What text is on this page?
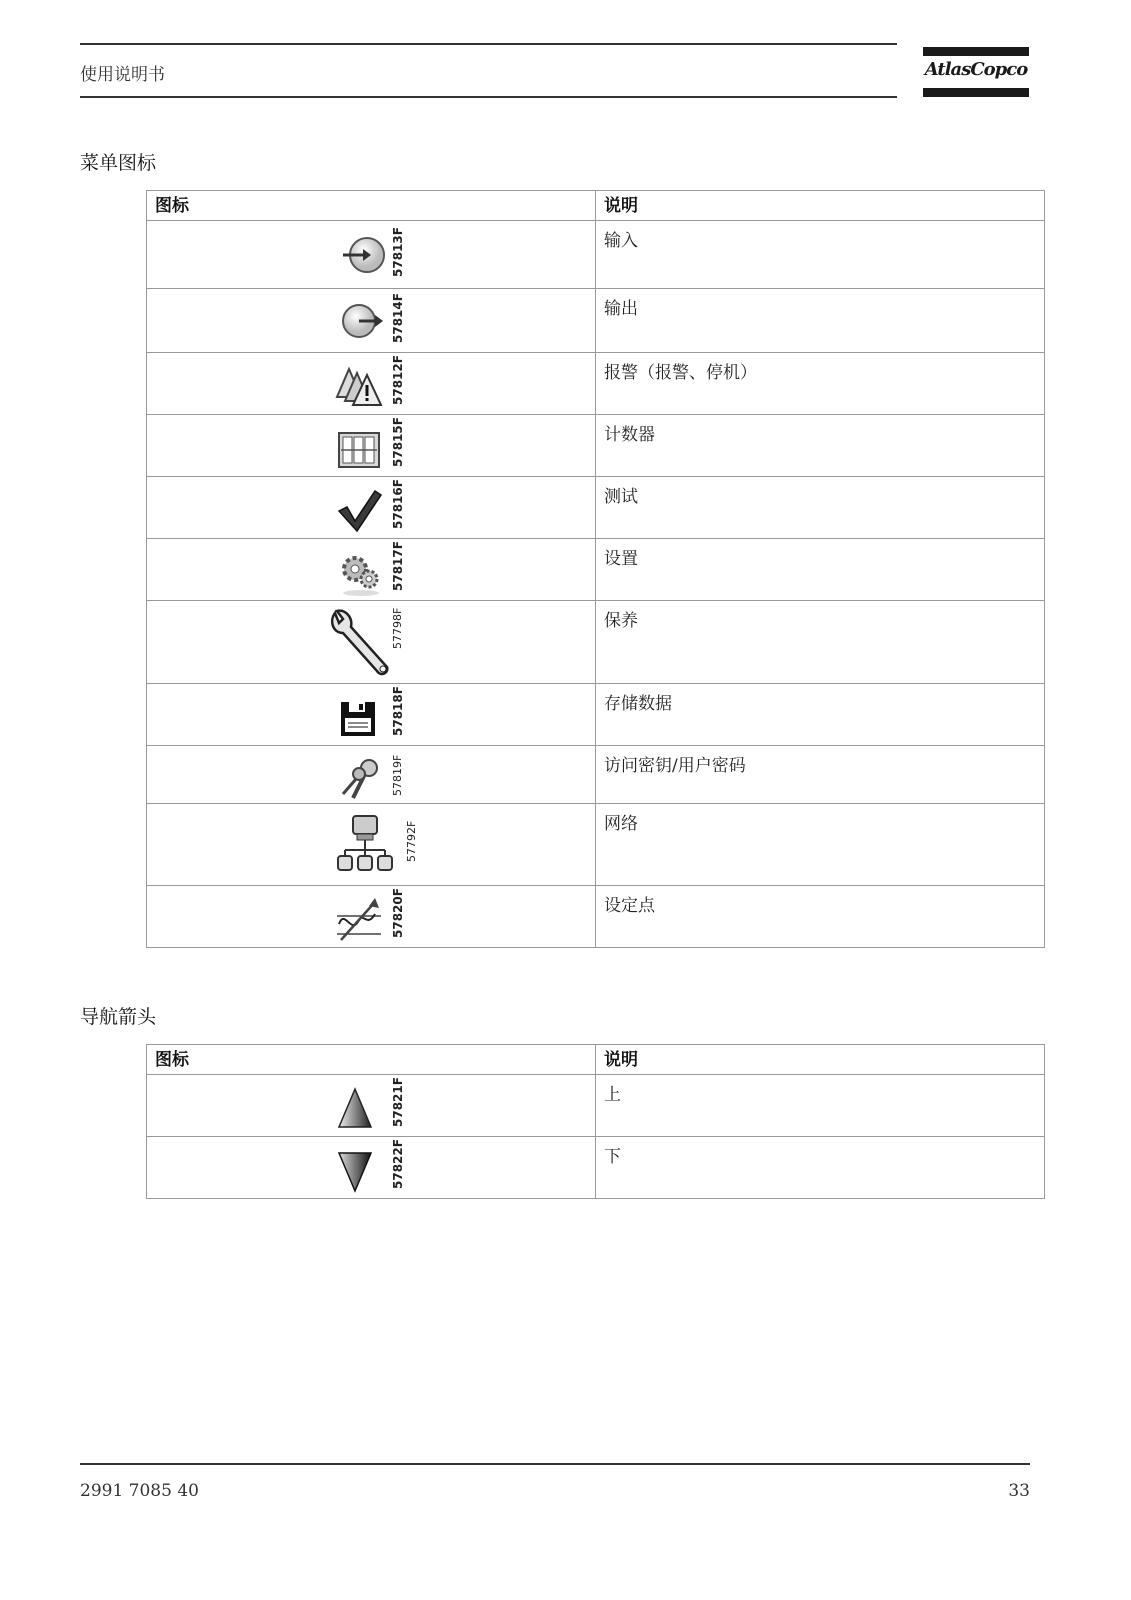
使用说明书	AtlasCopco
菜单图标
图标	说明

57813F	输入

57814F	输出

57812F	报警（报警、停机）

57815F	计数器

57816F	测试

57817F	设置

57798F	保养

57818F	存储数据

57819F	访问密钥/用户密码

57792F	网络

57820F	设定点
导航箭头
图标	说明

57821F	上

57822F	下
2991 7085 40	33
